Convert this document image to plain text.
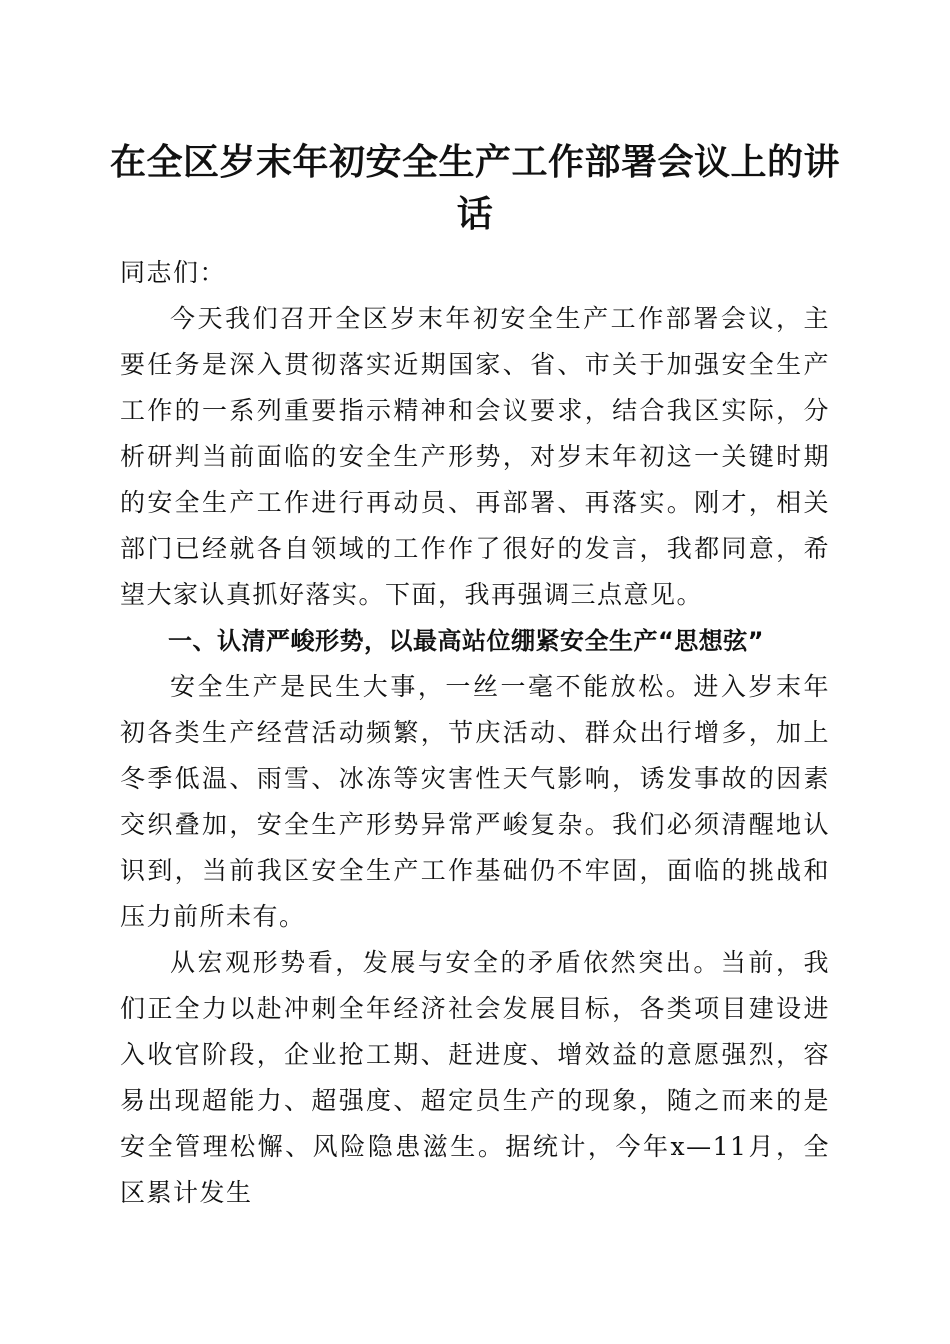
在全区岁末年初安全生产工作部署会议上的讲话

同志们：

今天我们召开全区岁末年初安全生产工作部署会议，主要任务是深入贯彻落实近期国家、省、市关于加强安全生产工作的一系列重要指示精神和会议要求，结合我区实际，分析研判当前面临的安全生产形势，对岁末年初这一关键时期的安全生产工作进行再动员、再部署、再落实。刚才，相关部门已经就各自领域的工作作了很好的发言，我都同意，希望大家认真抓好落实。下面，我再强调三点意见。

一、认清严峻形势，以最高站位绷紧安全生产“思想弦”

安全生产是民生大事，一丝一毫不能放松。进入岁末年初各类生产经营活动频繁，节庆活动、群众出行增多，加上冬季低温、雨雪、冰冻等灾害性天气影响，诱发事故的因素交织叠加，安全生产形势异常严峻复杂。我们必须清醒地认识到，当前我区安全生产工作基础仍不牢固，面临的挑战和压力前所未有。

从宏观形势看，发展与安全的矛盾依然突出。当前，我们正全力以赴冲刺全年经济社会发展目标，各类项目建设进入收官阶段，企业抢工期、赶进度、增效益的意愿强烈，容易出现超能力、超强度、超定员生产的现象，随之而来的是安全管理松懈、风险隐患滋生。据统计，今年x—11月，全区累计发生
